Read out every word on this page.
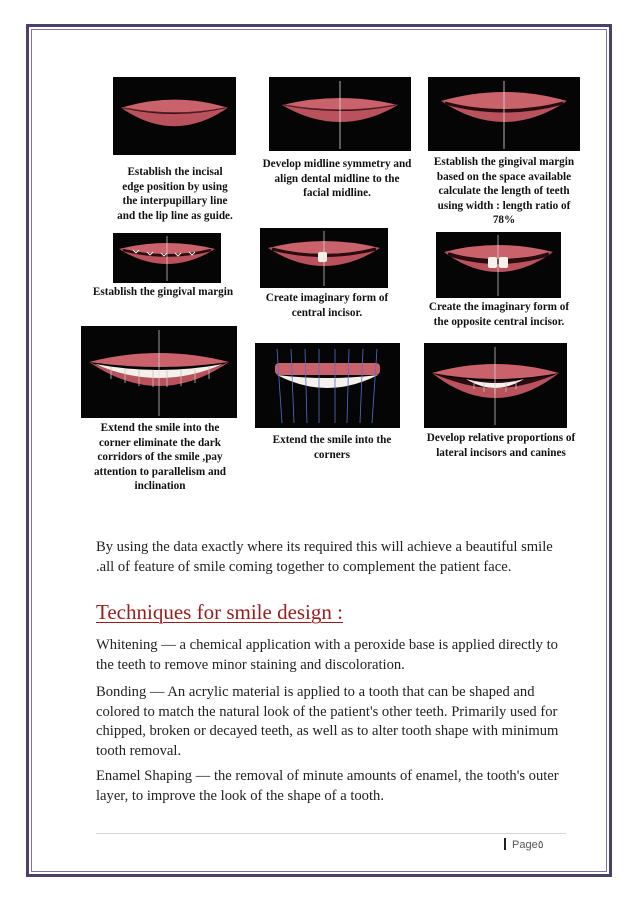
Establish the incisal
edge position by using
the interpupillary line
and the lip line as guide.
Develop midline symmetry and
align dental midline to the
facial midline.
Establish the gingival margin
based on the space available
calculate the length of teeth
using width : length ratio of
78%
Establish the gingival margin	Create imaginary form of
central incisor.	Create the imaginary form of
the opposite central incisor.
Extend the smile into the
corner eliminate the dark
corridors of the smile ,pay
attention to parallelism and
inclination
Extend the smile into the
corners
Develop relative proportions of
lateral incisors and canines
By using the data exactly where its required this will achieve a beautiful smile .all of feature of smile coming together to complement the patient face.
Techniques for smile design :
Whitening — a chemical application with a peroxide base is applied directly to the teeth to remove minor staining and discoloration.
Bonding — An acrylic material is applied to a tooth that can be shaped and colored to match the natural look of the patient's other teeth. Primarily used for chipped, broken or decayed teeth, as well as to alter tooth shape with minimum tooth removal.
Enamel Shaping — the removal of minute amounts of enamel, the tooth's outer layer, to improve the look of the shape of a tooth.
Page٥
